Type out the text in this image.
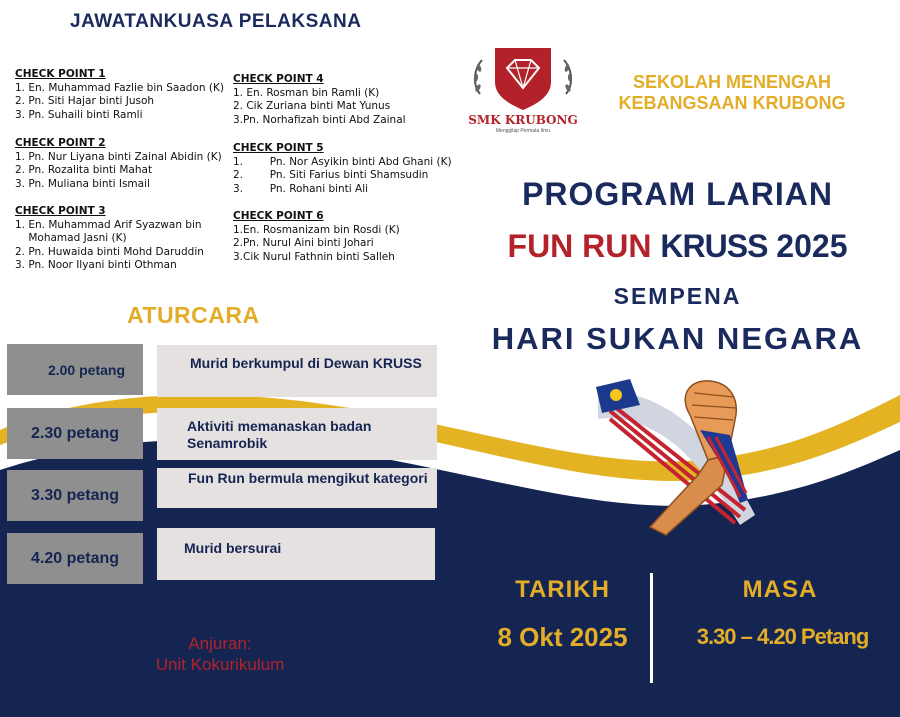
JAWATANKUASA PELAKSANA
CHECK POINT 1
1. En. Muhammad Fazlie bin Saadon (K)
2. Pn. Siti Hajar binti Jusoh
3. Pn. Suhaili binti Ramli
CHECK POINT 2
1. Pn. Nur Liyana binti Zainal Abidin (K)
2. Pn. Rozalita binti Mahat
3. Pn. Muliana binti Ismail
CHECK POINT 3
1. En. Muhammad Arif Syazwan bin
Mohamad Jasni (K)
2. Pn. Huwaida binti Mohd Daruddin
3. Pn. Noor Ilyani binti Othman
CHECK POINT 4
1. En. Rosman bin Ramli (K)
2. Cik Zuriana binti Mat Yunus
3.Pn. Norhafizah binti Abd Zainal
CHECK POINT 5
1.        Pn. Nor Asyikin binti Abd Ghani (K)
2.        Pn. Siti Farius binti Shamsudin
3.        Pn. Rohani binti Ali
CHECK POINT 6
1.En. Rosmanizam bin Rosdi (K)
2.Pn. Nurul Aini binti Johari
3.Cik Nurul Fathnin binti Salleh
ATURCARA
2.00 petang	Murid berkumpul di Dewan KRUSS
2.30 petang	Aktiviti memanaskan badan Senamrobik
3.30 petang
Fun Run bermula mengikut kategori
4.20 petang
Murid bersurai
Anjuran:
Unit Kokurikulum
SMK KRUBONG
Menggilap Permata Ilmu
SEKOLAH MENENGAH
KEBANGSAAN KRUBONG
PROGRAM LARIAN
FUN RUN KRUSS 2025
SEMPENA
HARI SUKAN NEGARA
TARIKH
8 Okt 2025
MASA
3.30 – 4.20 Petang
